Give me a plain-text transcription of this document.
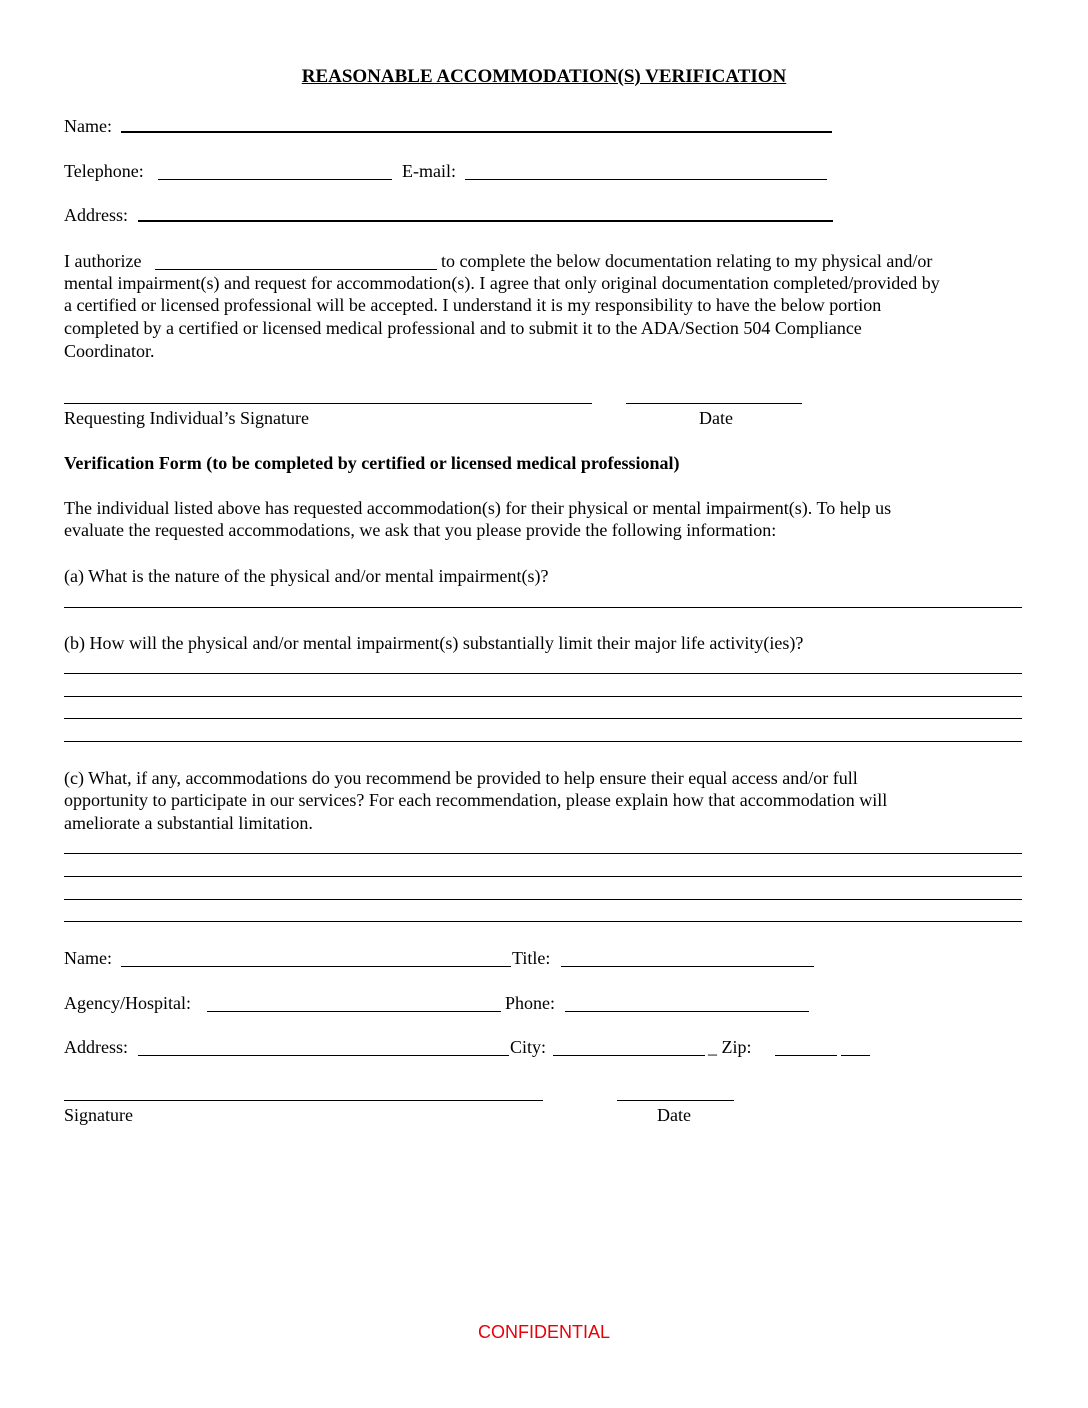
REASONABLE ACCOMMODATION(S) VERIFICATION
Name:
Telephone:	E-mail:
Address:
I authorize	to complete the below documentation relating to my physical and/or
mental impairment(s) and request for accommodation(s). I agree that only original documentation completed/provided by
a certified or licensed professional will be accepted. I understand it is my responsibility to have the below portion
completed by a certified or licensed medical professional and to submit it to the ADA/Section 504 Compliance
Coordinator.
Requesting Individual’s Signature	Date
Verification Form (to be completed by certified or licensed medical professional)
The individual listed above has requested accommodation(s) for their physical or mental impairment(s). To help us
evaluate the requested accommodations, we ask that you please provide the following information:
(a) What is the nature of the physical and/or mental impairment(s)?
(b) How will the physical and/or mental impairment(s) substantially limit their major life activity(ies)?
(c) What, if any, accommodations do you recommend be provided to help ensure their equal access and/or full
opportunity to participate in our services? For each recommendation, please explain how that accommodation will
ameliorate a substantial limitation.
Name:	Title:
Agency/Hospital:	Phone:
Address:	City:	_ Zip:
Signature	Date
CONFIDENTIAL
